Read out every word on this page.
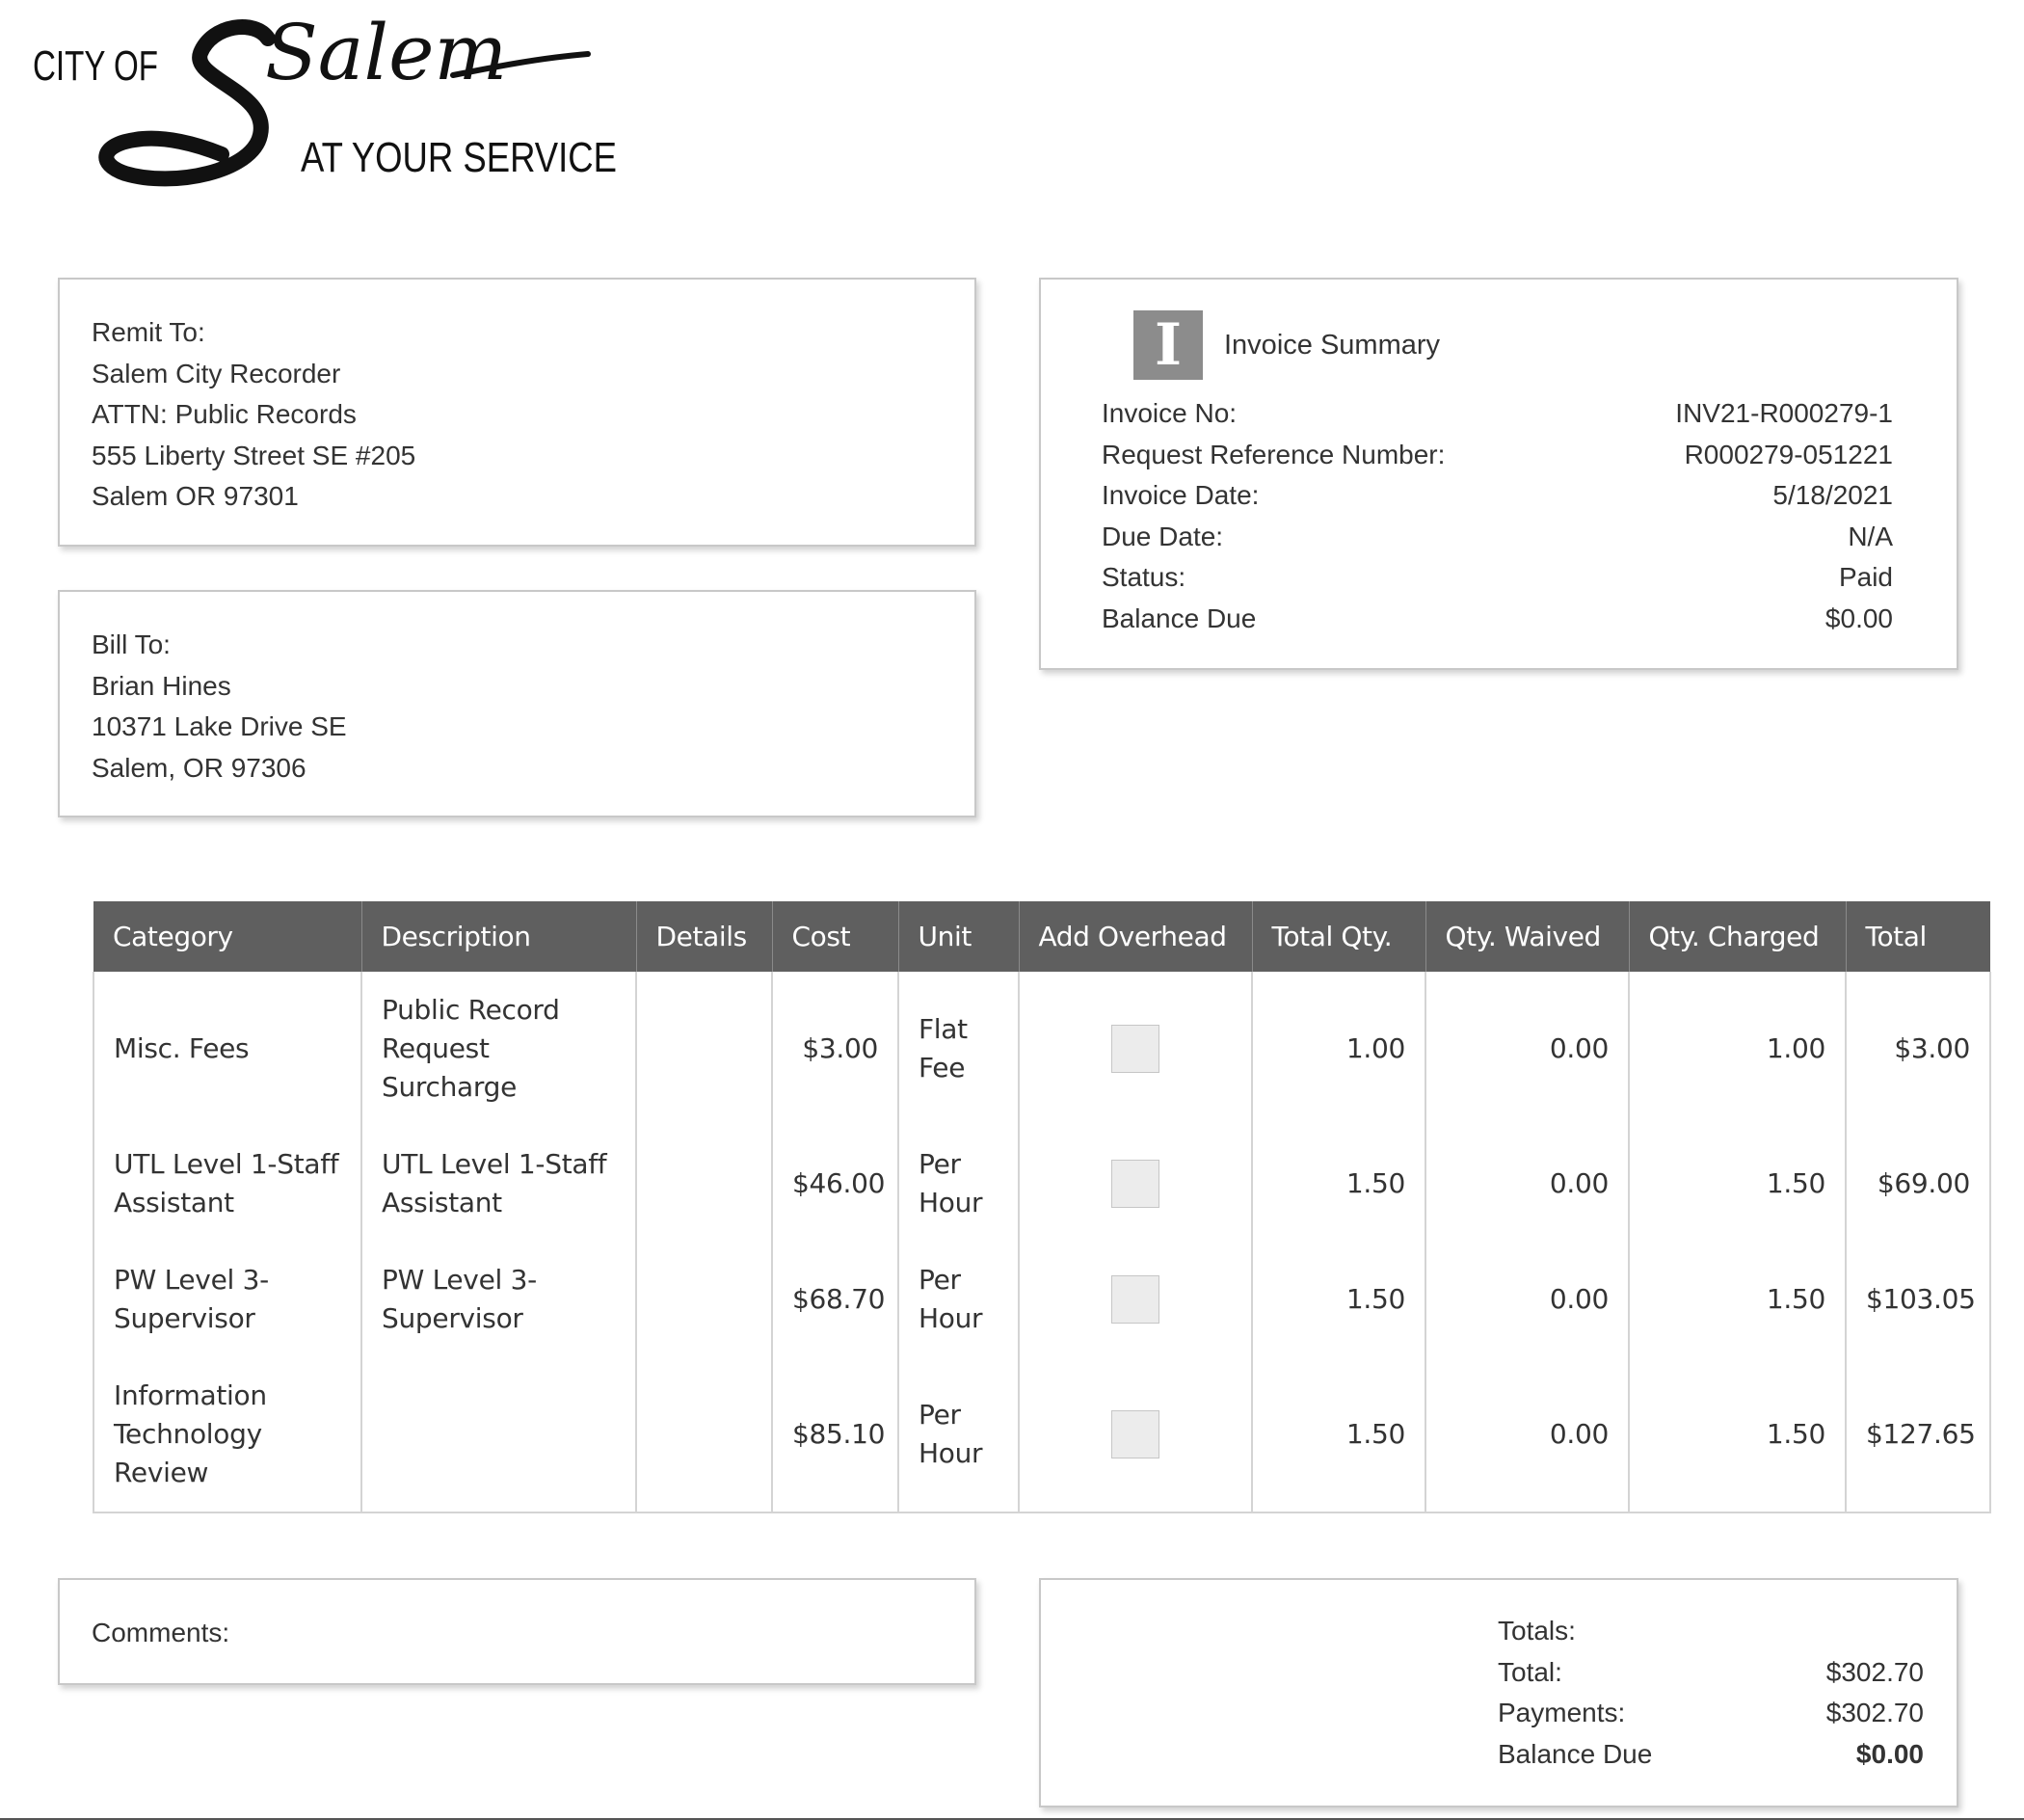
CITY OF Salem
AT YOUR SERVICE
Remit To:
Salem City Recorder
ATTN: Public Records
555 Liberty Street SE #205
Salem OR 97301
Bill To:
Brian Hines
10371 Lake Drive SE
Salem, OR 97306
I	Invoice Summary
Invoice No:	INV21-R000279-1
Request Reference Number:	R000279-051221
Invoice Date:	5/18/2021
Due Date:	N/A
Status:	Paid
Balance Due	$0.00
Category	Description	Details	Cost	Unit	Add Overhead	Total Qty.	Qty. Waived	Qty. Charged	Total
Misc. Fees	Public Record Request Surcharge		$3.00	Flat Fee		1.00	0.00	1.00	$3.00
UTL Level 1-Staff Assistant	UTL Level 1-Staff Assistant		$46.00	Per Hour		1.50	0.00	1.50	$69.00
PW Level 3-Supervisor	PW Level 3-Supervisor		$68.70	Per Hour		1.50	0.00	1.50	$103.05
Information Technology Review			$85.10	Per Hour		1.50	0.00	1.50	$127.65
Comments:	Totals:
Total:	$302.70
Payments:	$302.70
Balance Due	$0.00
